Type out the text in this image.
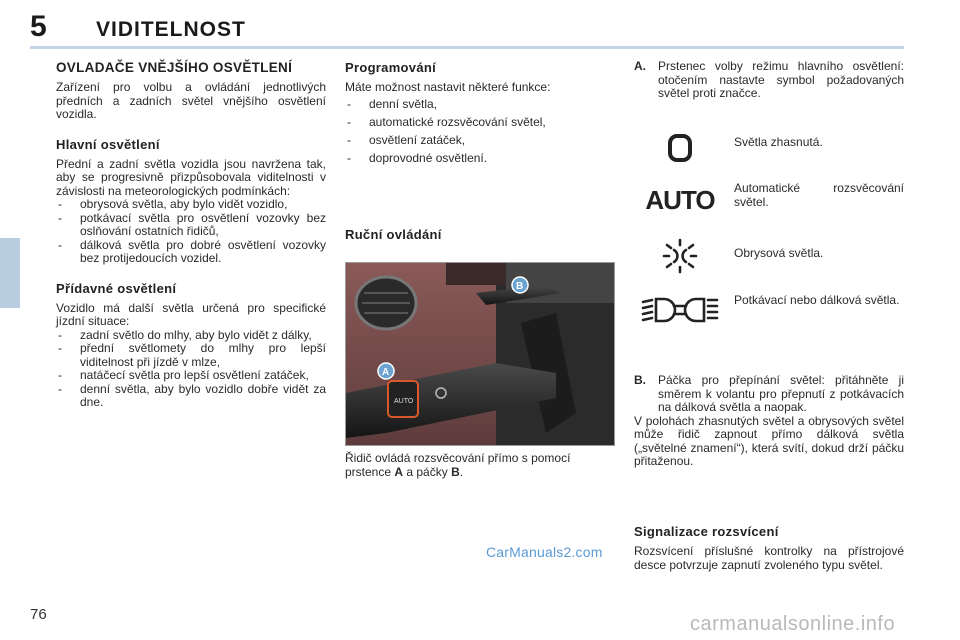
5 VIDITELNOST
OVLADAČE VNĚJŠÍHO OSVĚTLENÍ

Zařízení pro volbu a ovládání jednotlivých předních a zadních světel vnějšího osvětlení vozidla.

Hlavní osvětlení

Přední a zadní světla vozidla jsou navržena tak, aby se progresivně přizpůsobovala viditelnosti v závislosti na meteorologických podmínkách:

- obrysová světla, aby bylo vidět vozidlo,
- potkávací světla pro osvětlení vozovky bez oslňování ostatních řidičů,
- dálková světla pro dobré osvětlení vozovky bez protijedoucích vozidel.
Přídavné osvětlení

Vozidlo má další světla určená pro specifické jízdní situace:

- zadní světlo do mlhy, aby bylo vidět z dálky,
- přední světlomety do mlhy pro lepší viditelnost při jízdě v mlze,
- natáčecí světla pro lepší osvětlení zatáček,
- denní světla, aby bylo vozidlo dobře vidět za dne.
Programování

Máte možnost nastavit některé funkce:

- denní světla,
- automatické rozsvěcování světel,
- osvětlení zatáček,
- doprovodné osvětlení.
Ruční ovládání
AUTO
A
B
Řidič ovládá rozsvěcování přímo s pomocí prstence A a páčky B.
A. Prstenec volby režimu hlavního osvětlení: otočením nastavte symbol požadovaných světel proti značce.
Světla zhasnutá.
AUTO Automatické rozsvěcování světel.
Obrysová světla.
Potkávací nebo dálková světla.
B. Páčka pro přepínání světel: přitáhněte ji směrem k volantu pro přepnutí z potkávacích na dálková světla a naopak.

V polohách zhasnutých světel a obrysových světel může řidič zapnout přímo dálková světla („světelné znamení“), která svítí, dokud drží páčku přitaženou.

Signalizace rozsvícení

Rozsvícení příslušné kontrolky na přístrojové desce potvrzuje zapnutí zvoleného typu světel.

76
CarManuals2.com
carmanualsonline.info
